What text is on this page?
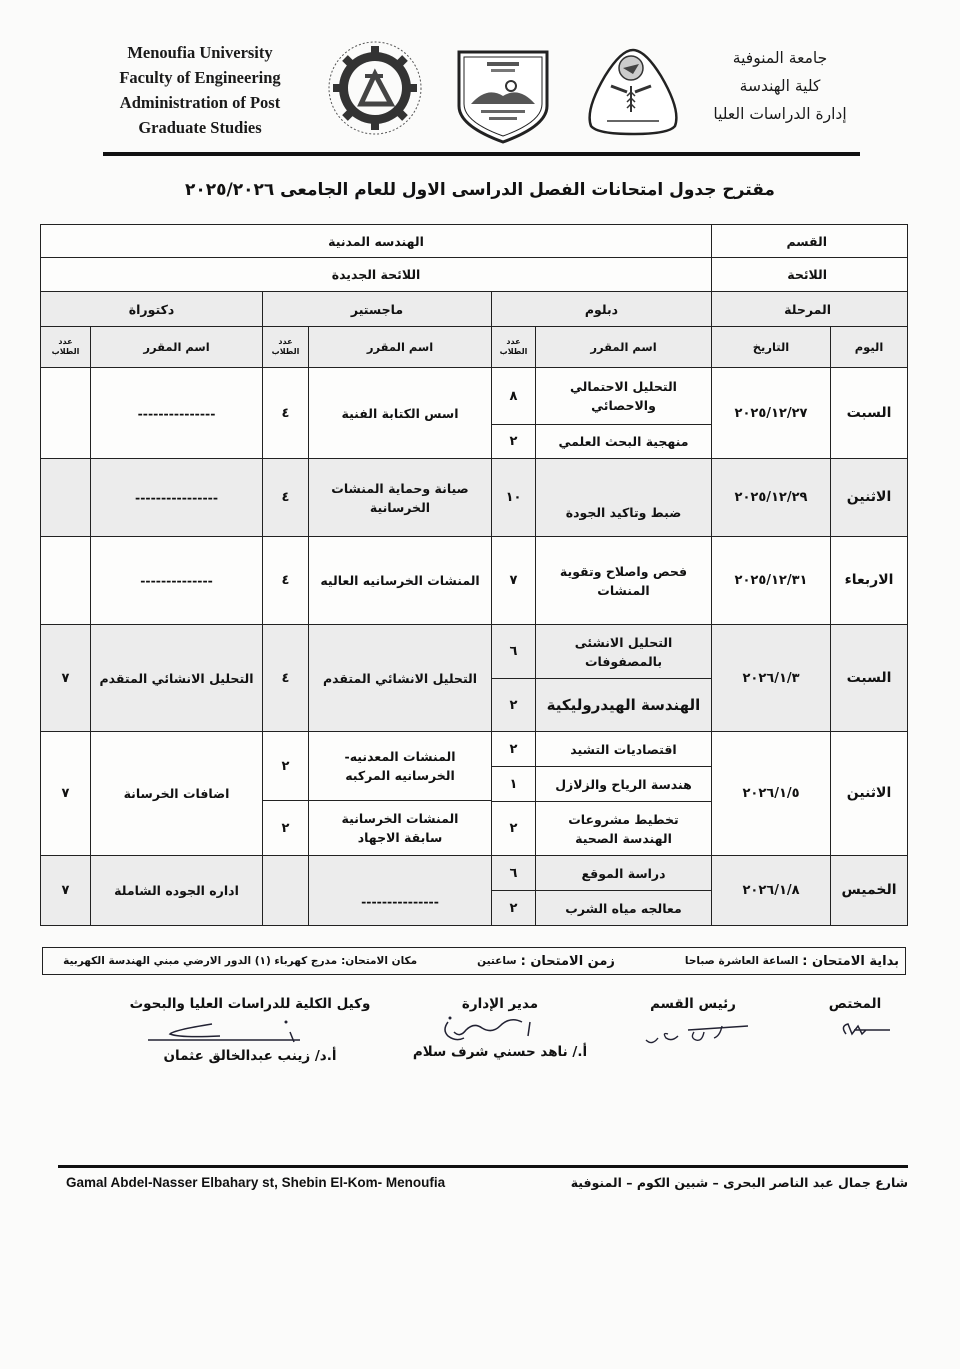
Menoufia University
Faculty of Engineering
Administration of Post
Graduate Studies
جامعة المنوفية
كلية الهندسة
إدارة الدراسات العليا
مقترح جدول امتحانات الفصل الدراسى الاول للعام الجامعى ٢٠٢٥/٢٠٢٦
القسم
الهندسه المدنية
اللائحة
اللائحة الجديدة
المرحلة
دبلوم
ماجستير
دكتوراة
اليوم
التاريخ
اسم المقرر
عدد الطلاب
اسم المقرر
عدد الطلاب
اسم المقرر
عدد الطلاب
السبت
٢٠٢٥/١٢/٢٧
التحليل الاحتمالي والاحصائي
٨
منهجية البحث العلمي
٢
اسس الكتابة الفنية
٤
---------------
الاثنين
٢٠٢٥/١٢/٢٩
ضبط وتاكيد الجودة
١٠
صيانة وحماية المنشات الخرسانية
٤
----------------
الاربعاء
٢٠٢٥/١٢/٣١
فحص واصلاح وتقوية المنشات
٧
المنشات الخرسانيه العاليه
٤
--------------
السبت
٢٠٢٦/١/٣
التحليل الانشئى بالمصفوفات
٦
الهندسة الهيدروليكية
٢
التحليل الانشائي المتقدم
٤
التحليل الانشائي المتقدم
٧
الاثنين
٢٠٢٦/١/٥
اقتصاديات التشيد
٢
هندسة الرياح والزلازل
١
تخطيط مشروعات الهندسة الصحية
٢
المنشات المعدنيه- الخرسانيه المركبه
٢
المنشات الخرسانية سابقة الاجهاد
٢
اضافات الخرسانة
٧
الخميس
٢٠٢٦/١/٨
دراسة الموقع
٦
معالجه مياه الشرب
٢
---------------
اداره الجوده الشاملة
٧
بداية الامتحان :
الساعة العاشرة صباحا
زمن الامتحان :
ساعتين
مكان الامتحان:
مدرج كهرباء (١) الدور الارضي مبني الهندسة الكهربية
المختص
رئيس القسم
مدير الإدارة
أ./ ناهد حسني شرف سلام
وكيل الكلية للدراسات العليا والبحوث
أ.د/ زينب عبدالخالق عثمان
Gamal Abdel-Nasser Elbahary st, Shebin El-Kom- Menoufia	شارع جمال عبد الناصر البحرى – شبين الكوم – المنوفية
